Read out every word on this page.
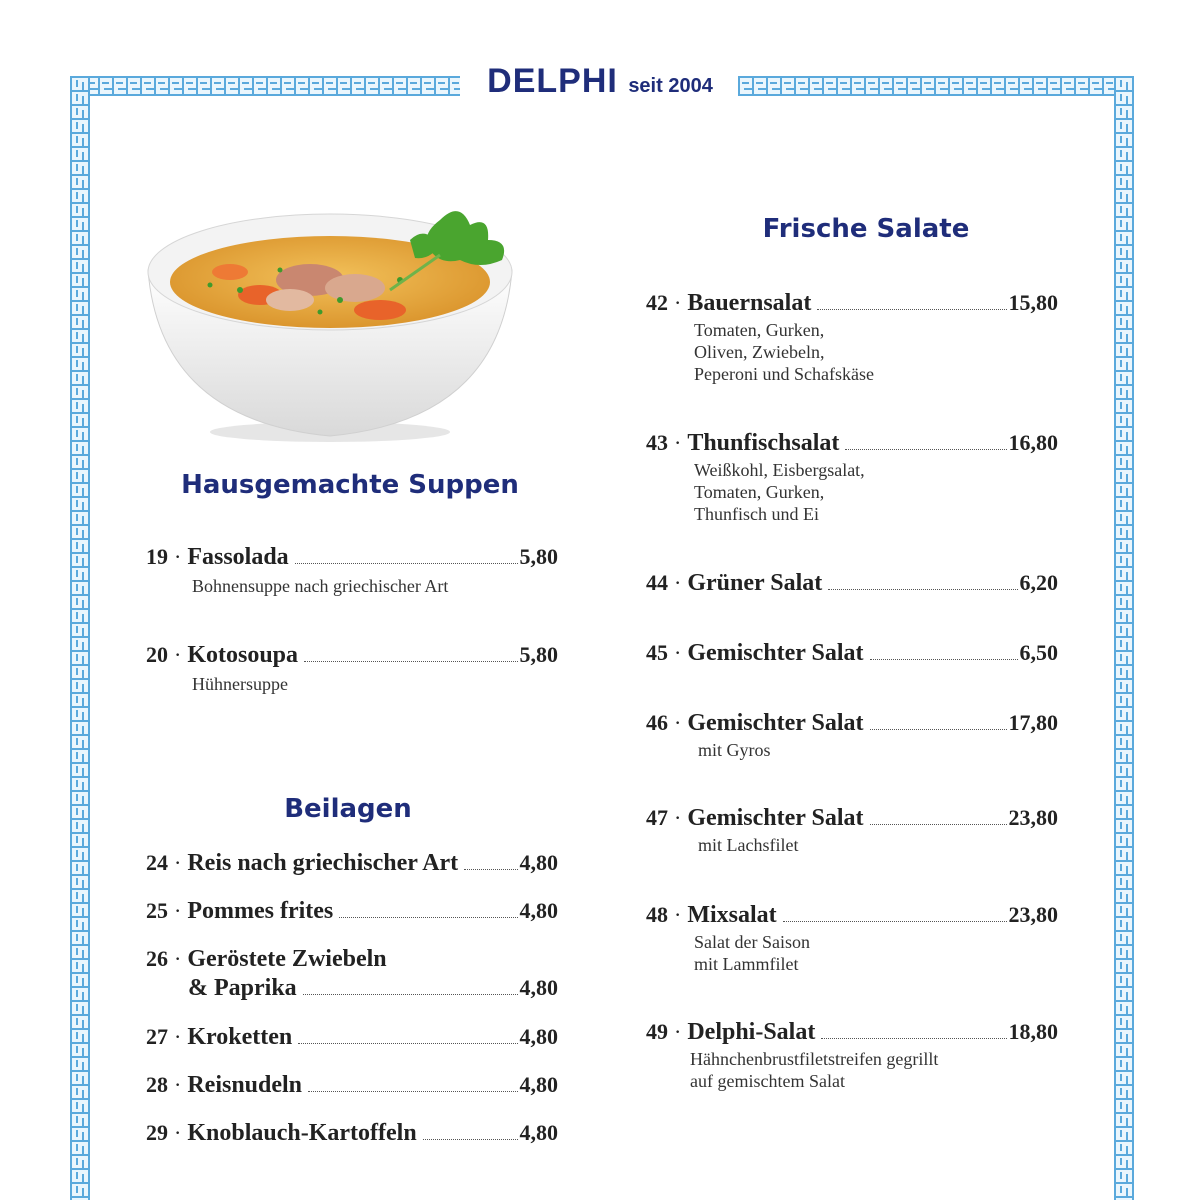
DELPHI seit 2004
Hausgemachte Suppen
19 · Fassolada	5,80
Bohnensuppe nach griechischer Art
20 · Kotosoupa	5,80
Hühnersuppe
Beilagen
24 · Reis nach griechischer Art	4,80
25 · Pommes frites	4,80
26 · Geröstete Zwiebeln
& Paprika	4,80
27 · Kroketten	4,80
28 · Reisnudeln	4,80
29 · Knoblauch-Kartoffeln	4,80
Frische Salate
42 · Bauernsalat	15,80
Tomaten, Gurken,
Oliven, Zwiebeln,
Peperoni und Schafskäse
43 · Thunfischsalat	16,80
Weißkohl, Eisbergsalat,
Tomaten, Gurken,
Thunfisch und Ei
44 · Grüner Salat	6,20
45 · Gemischter Salat	6,50
46 · Gemischter Salat	17,80
mit Gyros
47 · Gemischter Salat	23,80
mit Lachsfilet
48 · Mixsalat	23,80
Salat der Saison
mit Lammfilet
49 · Delphi-Salat	18,80
Hähnchenbrustfiletstreifen gegrillt
auf gemischtem Salat
